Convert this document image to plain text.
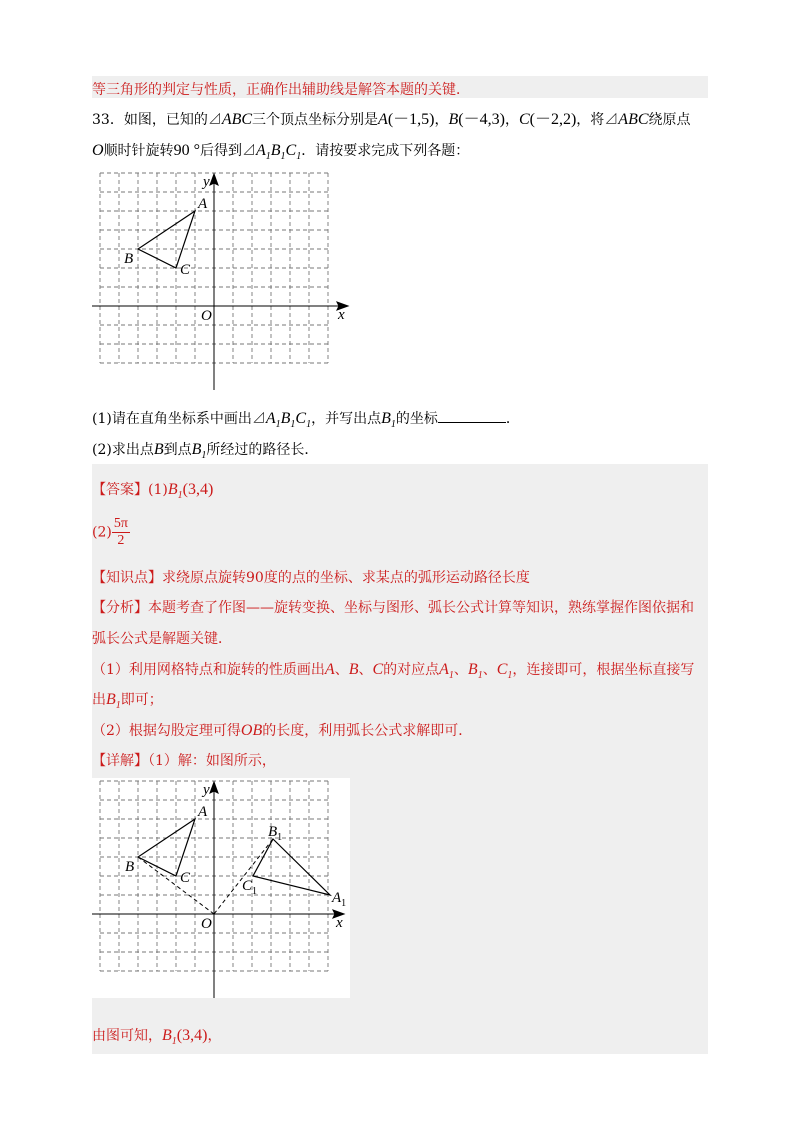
等三角形的判定与性质，正确作出辅助线是解答本题的关键．
33．如图，已知的⊿ABC三个顶点坐标分别是A(－1,5)，B(－4,3)，C(－2,2)，将⊿ABC绕原点
O顺时针旋转90 °后得到$⊿A_1B_1C_1$．请按要求完成下列各题：
x
y
O
A
B
C
(1)请在直角坐标系中画出$⊿A_1B_1C_1$，并写出点$B_1$的坐标	．
(2)求出点B到点$B_1$所经过的路径长．
【答案】$(1)B_1(3,4)$
$(2) \frac{5\pi}{2}$
【知识点】求绕原点旋转90度的点的坐标、求某点的弧形运动路径长度
【分析】本题考查了作图——旋转变换、坐标与图形、弧长公式计算等知识，熟练掌握作图依据和
弧长公式是解题关键．
（1）利用网格特点和旋转的性质画出A、B、C的对应点$A_1$、$B_1$、$C_1$，连接即可，根据坐标直接写
出$B_1$即可；
（2）根据勾股定理可得OB的长度，利用弧长公式求解即可．
【详解】（1）解：如图所示，
x
y
O
A
B
C
$B_1$
$A_1$
$C_1$
由图可知，$B_1(3,4)$，
